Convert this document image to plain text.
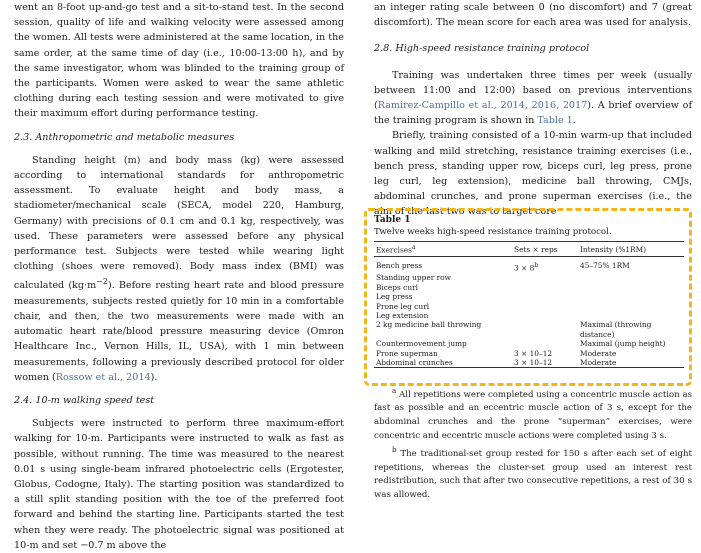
went an 8-foot up-and-go test and a sit-to-stand test. In the second session, quality of life and walking velocity were assessed among the women. All tests were administered at the same location, in the same order, at the same time of day (i.e., 10:00-13:00 h), and by the same investigator, whom was blinded to the training group of the participants. Women were asked to wear the same athletic clothing during each testing session and were motivated to give their maximum effort during performance testing.

2.3. Anthropometric and metabolic measures

Standing height (m) and body mass (kg) were assessed according to international standards for anthropometric assessment. To evaluate height and body mass, a stadiometer/mechanical scale (SECA, model 220, Hamburg, Germany) with precisions of 0.1 cm and 0.1 kg, respectively, was used. These parameters were assessed before any physical performance test. Subjects were tested while wearing light clothing (shoes were removed). Body mass index (BMI) was calculated $(kg\cdot m^{-2})$. Before resting heart rate and blood pressure measurements, subjects rested quietly for 10 min in a comfortable chair, and then, the two measurements were made with an automatic heart rate/blood pressure measuring device (Omron Healthcare Inc., Vernon Hills, IL, USA), with 1 min between measurements, following a previously described protocol for older women (Rossow et al., 2014).

2.4. 10-m walking speed test

Subjects were instructed to perform three maximum-effort walking for 10-m. Participants were instructed to walk as fast as possible, without running. The time was measured to the nearest 0.01 s using single-beam infrared photoelectric cells (Ergotester, Globus, Codogne, Italy). The starting position was standardized to a still split standing position with the toe of the preferred foot forward and behind the starting line. Participants started the test when they were ready. The photoelectric signal was positioned at 10-m and set −0.7 m above the

an integer rating scale between 0 (no discomfort) and 7 (great discomfort). The mean score for each area was used for analysis.

2.8. High-speed resistance training protocol

Training was undertaken three times per week (usually between 11:00 and 12:00) based on previous interventions (Ramirez-Campillo et al., 2014, 2016, 2017). A brief overview of the training program is shown in Table 1.

Briefly, training consisted of a 10-min warm-up that included walking and mild stretching, resistance training exercises (i.e., bench press, standing upper row, biceps curl, leg press, prone leg curl, leg extension), medicine ball throwing, CMJs, abdominal crunches, and prone superman exercises (i.e., the aim of the last two was to target core

Table 1
Twelve weeks high-speed resistance training protocol.
Exercises$^a$	Sets × reps	Intensity (%1RM)
Bench press	$3 \times 8^b$	45–75% 1RM
Standing upper row		
Biceps curl		
Leg press		
Prone leg curl		
Leg extension		
2 kg medicine ball throwing		Maximal (throwing distance)
Countermovement jump		Maximal (jump height)
Prone superman	3 × 10–12	Moderate
Abdominal crunches	3 × 10–12	Moderate

$^a$ All repetitions were completed using a concentric muscle action as fast as possible and an eccentric muscle action of 3 s, except for the abdominal crunches and the prone “superman” exercises, were concentric and eccentric muscle actions were completed using 3 s.

$^b$ The traditional-set group rested for 150 s after each set of eight repetitions, whereas the cluster-set group used an interest rest redistribution, such that after two consecutive repetitions, a rest of 30 s was allowed.
